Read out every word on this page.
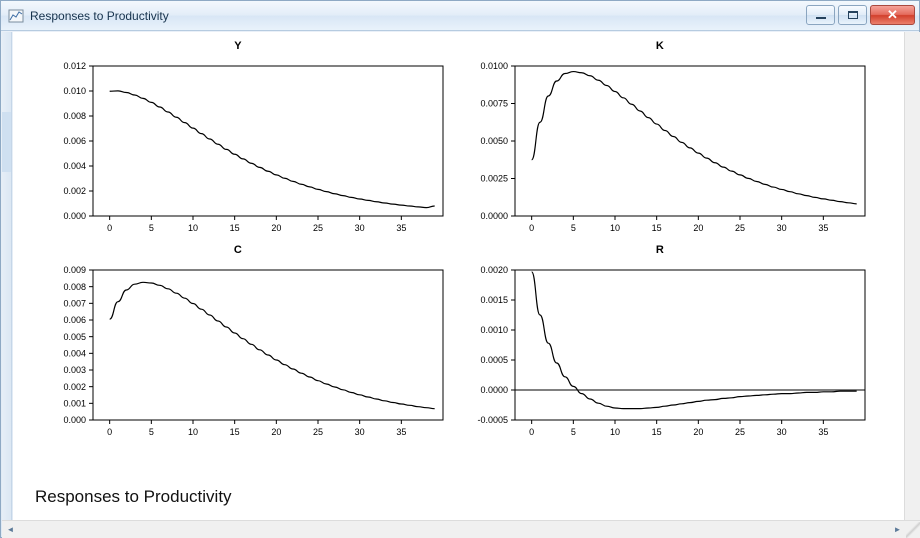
Responses to Productivity	✕
Y
0.000
0.002
0.004
0.006
0.008
0.010
0.012
0	5	10	15	20	25	30	35
K
0.0000
0.0025
0.0050
0.0075
0.0100
0	5	10	15	20	25	30	35
C
0.000
0.001
0.002
0.003
0.004
0.005
0.006
0.007
0.008
0.009
0	5	10	15	20	25	30	35
R
-0.0005
0.0000
0.0005
0.0010
0.0015
0.0020
0	5	10	15	20	25	30	35
Responses to Productivity
◄	►
